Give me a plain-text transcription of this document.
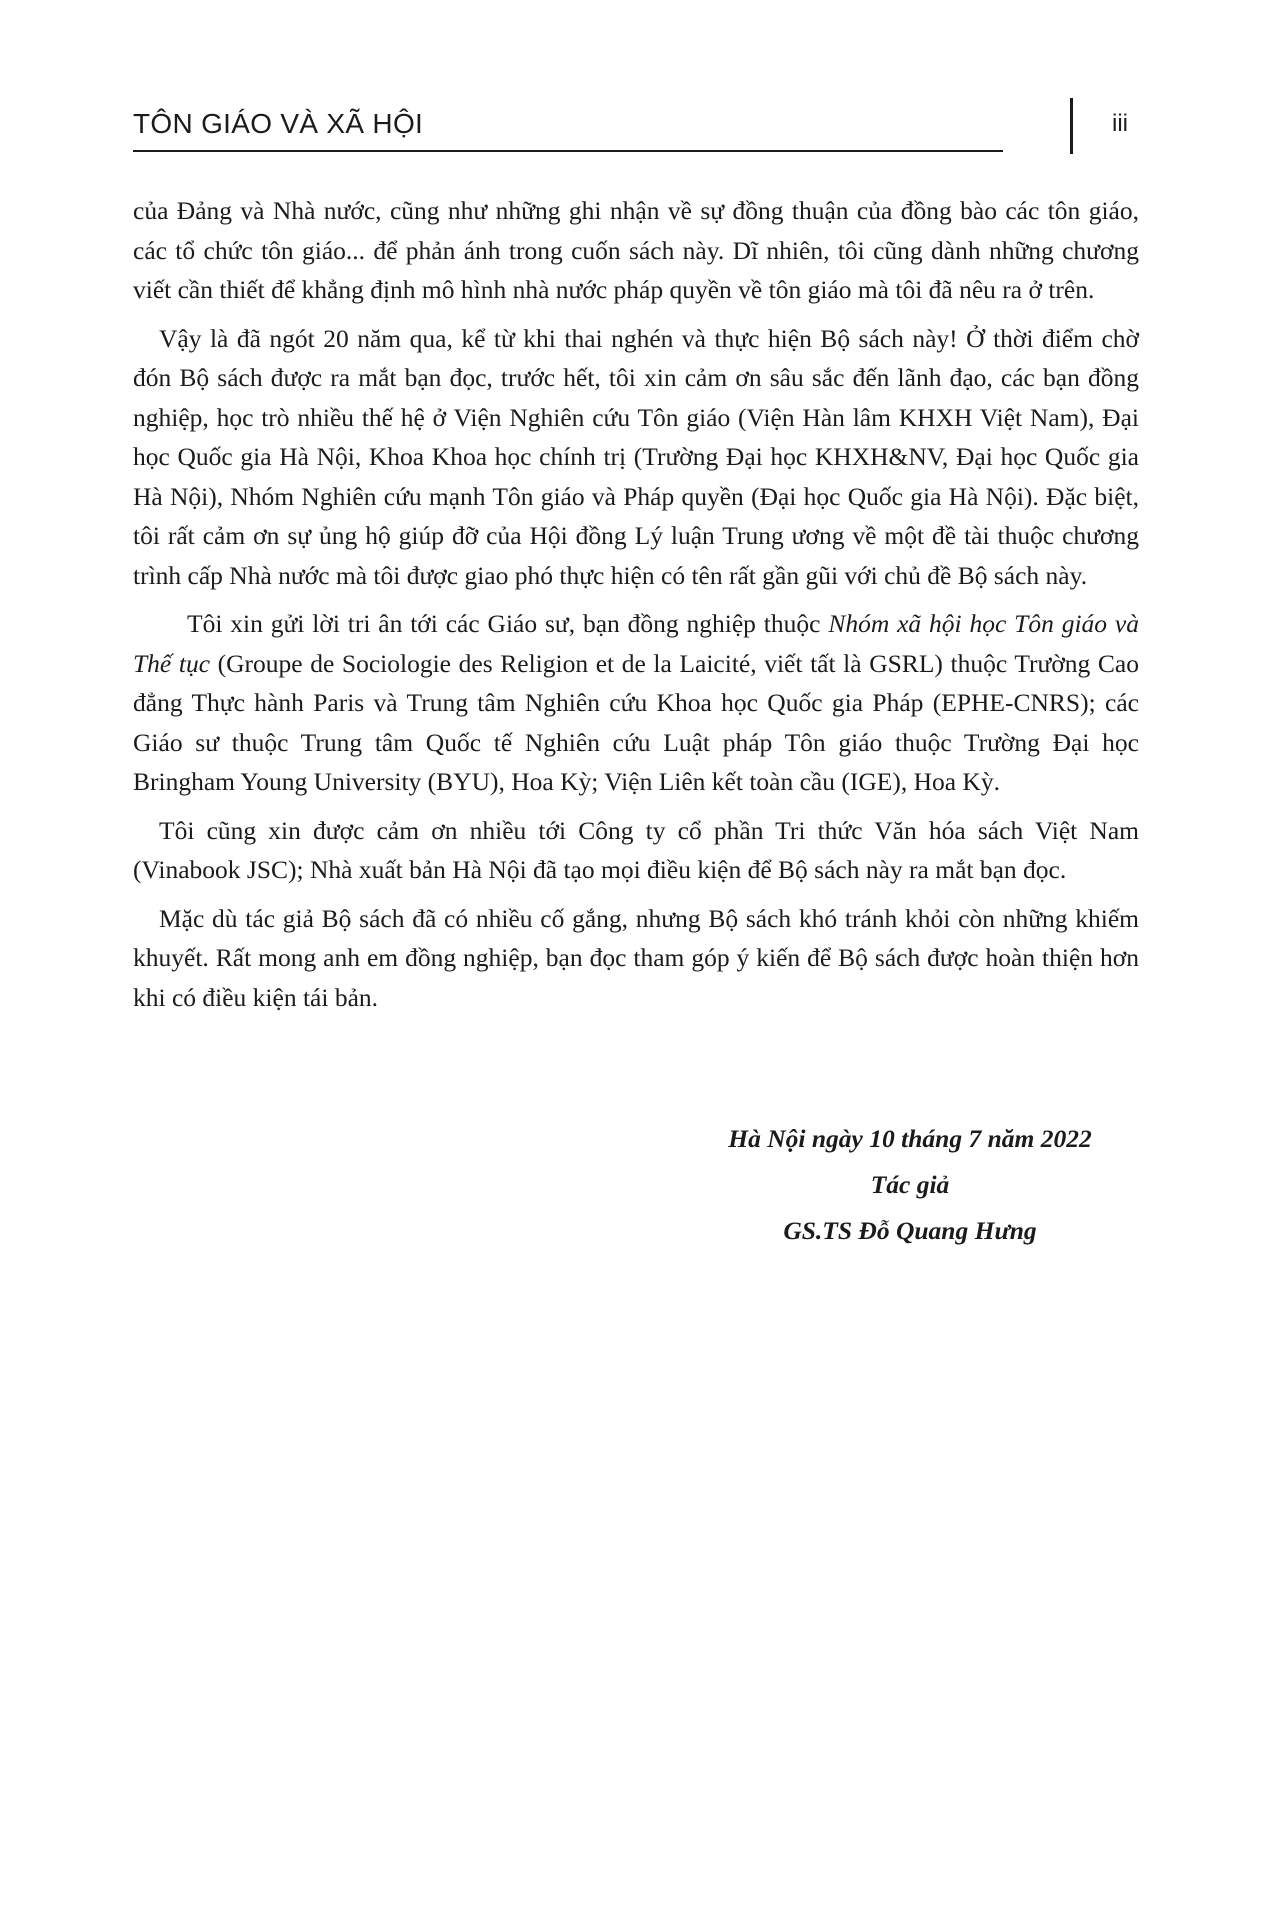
TÔN GIÁO VÀ XÃ HỘI	iii

của Đảng và Nhà nước, cũng như những ghi nhận về sự đồng thuận của đồng bào các tôn giáo, các tổ chức tôn giáo... để phản ánh trong cuốn sách này. Dĩ nhiên, tôi cũng dành những chương viết cần thiết để khẳng định mô hình nhà nước pháp quyền về tôn giáo mà tôi đã nêu ra ở trên.

Vậy là đã ngót 20 năm qua, kể từ khi thai nghén và thực hiện Bộ sách này! Ở thời điểm chờ đón Bộ sách được ra mắt bạn đọc, trước hết, tôi xin cảm ơn sâu sắc đến lãnh đạo, các bạn đồng nghiệp, học trò nhiều thế hệ ở Viện Nghiên cứu Tôn giáo (Viện Hàn lâm KHXH Việt Nam), Đại học Quốc gia Hà Nội, Khoa Khoa học chính trị (Trường Đại học KHXH&NV, Đại học Quốc gia Hà Nội), Nhóm Nghiên cứu mạnh Tôn giáo và Pháp quyền (Đại học Quốc gia Hà Nội). Đặc biệt, tôi rất cảm ơn sự ủng hộ giúp đỡ của Hội đồng Lý luận Trung ương về một đề tài thuộc chương trình cấp Nhà nước mà tôi được giao phó thực hiện có tên rất gần gũi với chủ đề Bộ sách này.

Tôi xin gửi lời tri ân tới các Giáo sư, bạn đồng nghiệp thuộc Nhóm xã hội học Tôn giáo và Thế tục (Groupe de Sociologie des Religion et de la Laicité, viết tất là GSRL) thuộc Trường Cao đẳng Thực hành Paris và Trung tâm Nghiên cứu Khoa học Quốc gia Pháp (EPHE-CNRS); các Giáo sư thuộc Trung tâm Quốc tế Nghiên cứu Luật pháp Tôn giáo thuộc Trường Đại học Bringham Young University (BYU), Hoa Kỳ; Viện Liên kết toàn cầu (IGE), Hoa Kỳ.

Tôi cũng xin được cảm ơn nhiều tới Công ty cổ phần Tri thức Văn hóa sách Việt Nam (Vinabook JSC); Nhà xuất bản Hà Nội đã tạo mọi điều kiện để Bộ sách này ra mắt bạn đọc.

Mặc dù tác giả Bộ sách đã có nhiều cố gắng, nhưng Bộ sách khó tránh khỏi còn những khiếm khuyết. Rất mong anh em đồng nghiệp, bạn đọc tham góp ý kiến để Bộ sách được hoàn thiện hơn khi có điều kiện tái bản.

Hà Nội ngày 10 tháng 7 năm 2022
Tác giả
GS.TS Đỗ Quang Hưng
